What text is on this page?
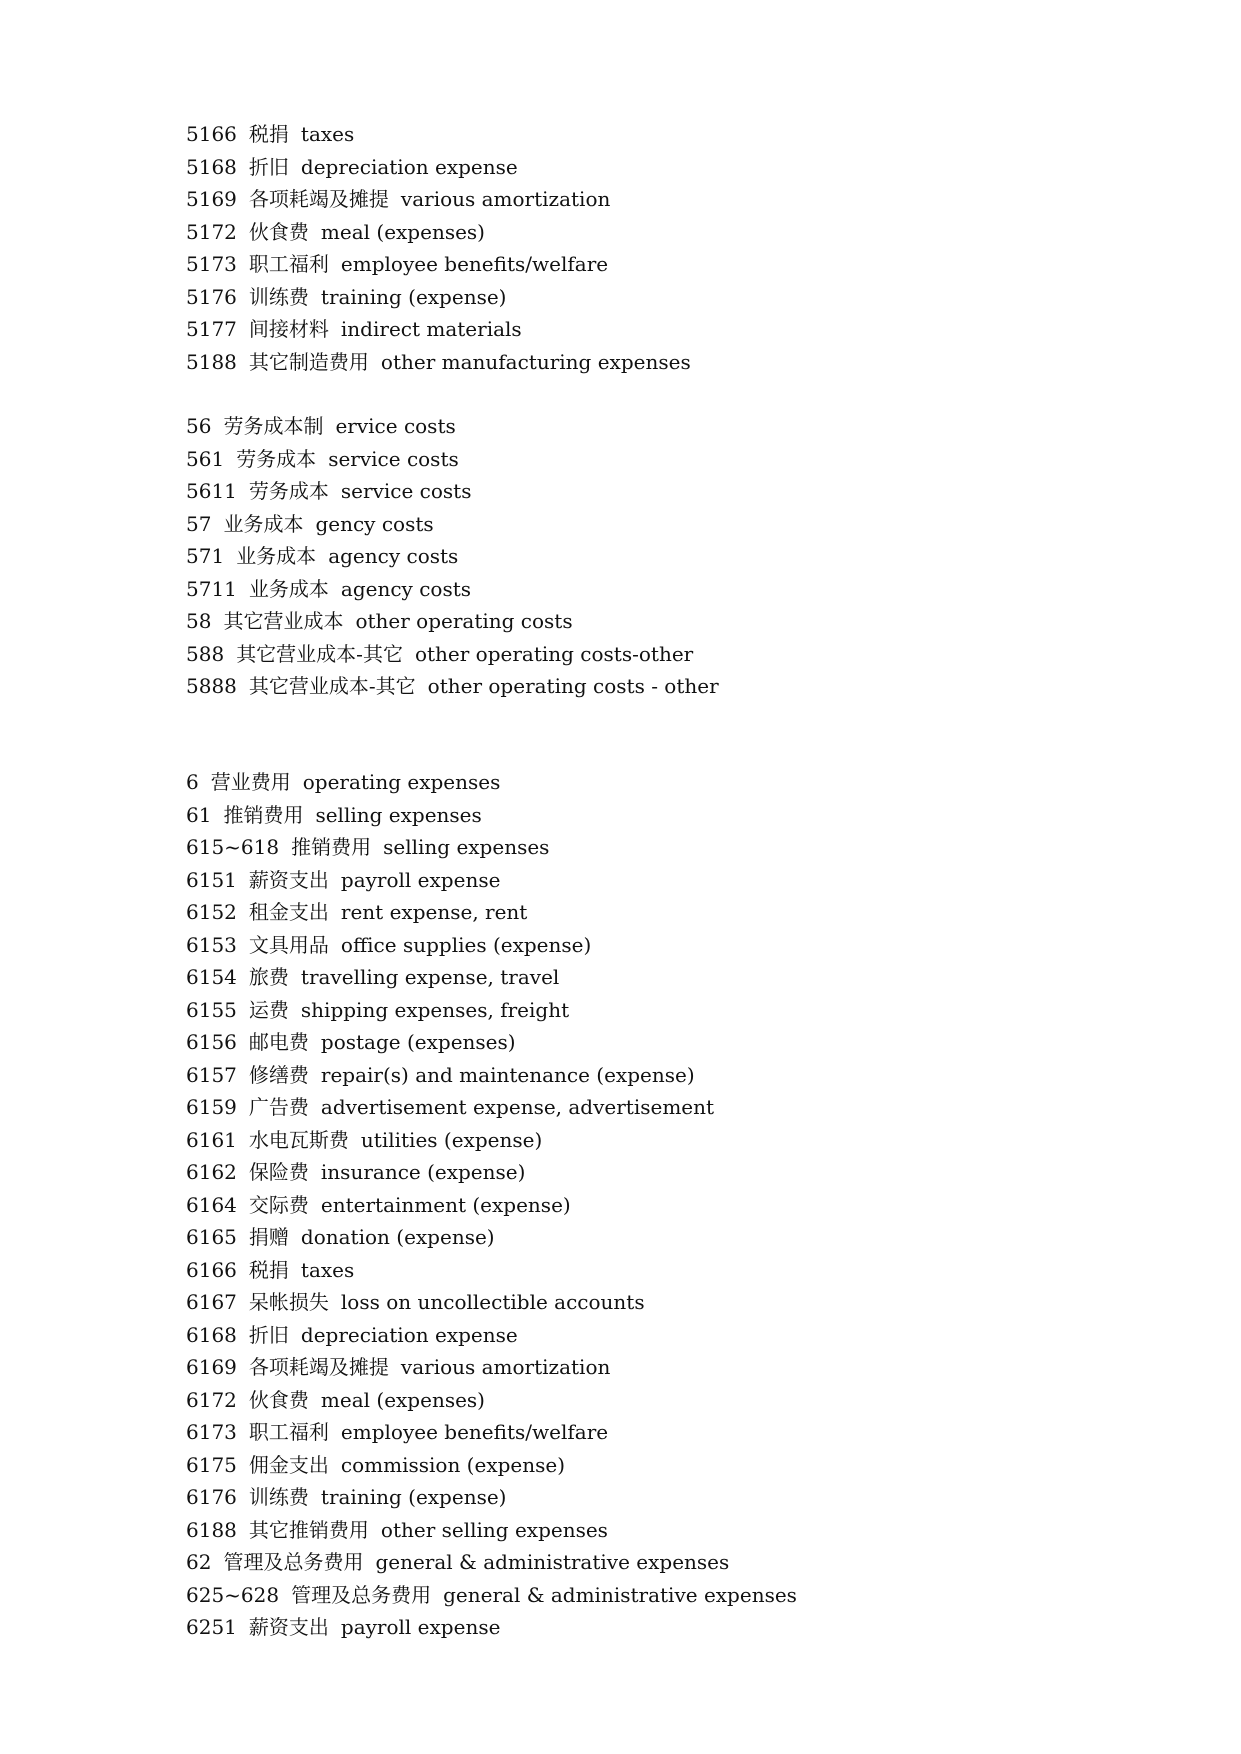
5166 税捐 taxes
5168 折旧 depreciation expense
5169 各项耗竭及摊提 various amortization
5172 伙食费 meal (expenses)
5173 职工福利 employee benefits/welfare
5176 训练费 training (expense)
5177 间接材料 indirect materials
5188 其它制造费用 other manufacturing expenses
56 劳务成本制 ervice costs
561 劳务成本 service costs
5611 劳务成本 service costs
57 业务成本 gency costs
571 业务成本 agency costs
5711 业务成本 agency costs
58 其它营业成本 other operating costs
588 其它营业成本-其它 other operating costs-other
5888 其它营业成本-其它 other operating costs - other
6 营业费用 operating expenses
61 推销费用 selling expenses
615~618 推销费用 selling expenses
6151 薪资支出 payroll expense
6152 租金支出 rent expense, rent
6153 文具用品 office supplies (expense)
6154 旅费 travelling expense, travel
6155 运费 shipping expenses, freight
6156 邮电费 postage (expenses)
6157 修缮费 repair(s) and maintenance (expense)
6159 广告费 advertisement expense, advertisement
6161 水电瓦斯费 utilities (expense)
6162 保险费 insurance (expense)
6164 交际费 entertainment (expense)
6165 捐赠 donation (expense)
6166 税捐 taxes
6167 呆帐损失 loss on uncollectible accounts
6168 折旧 depreciation expense
6169 各项耗竭及摊提 various amortization
6172 伙食费 meal (expenses)
6173 职工福利 employee benefits/welfare
6175 佣金支出 commission (expense)
6176 训练费 training (expense)
6188 其它推销费用 other selling expenses
62 管理及总务费用 general & administrative expenses
625~628 管理及总务费用 general & administrative expenses
6251 薪资支出 payroll expense
